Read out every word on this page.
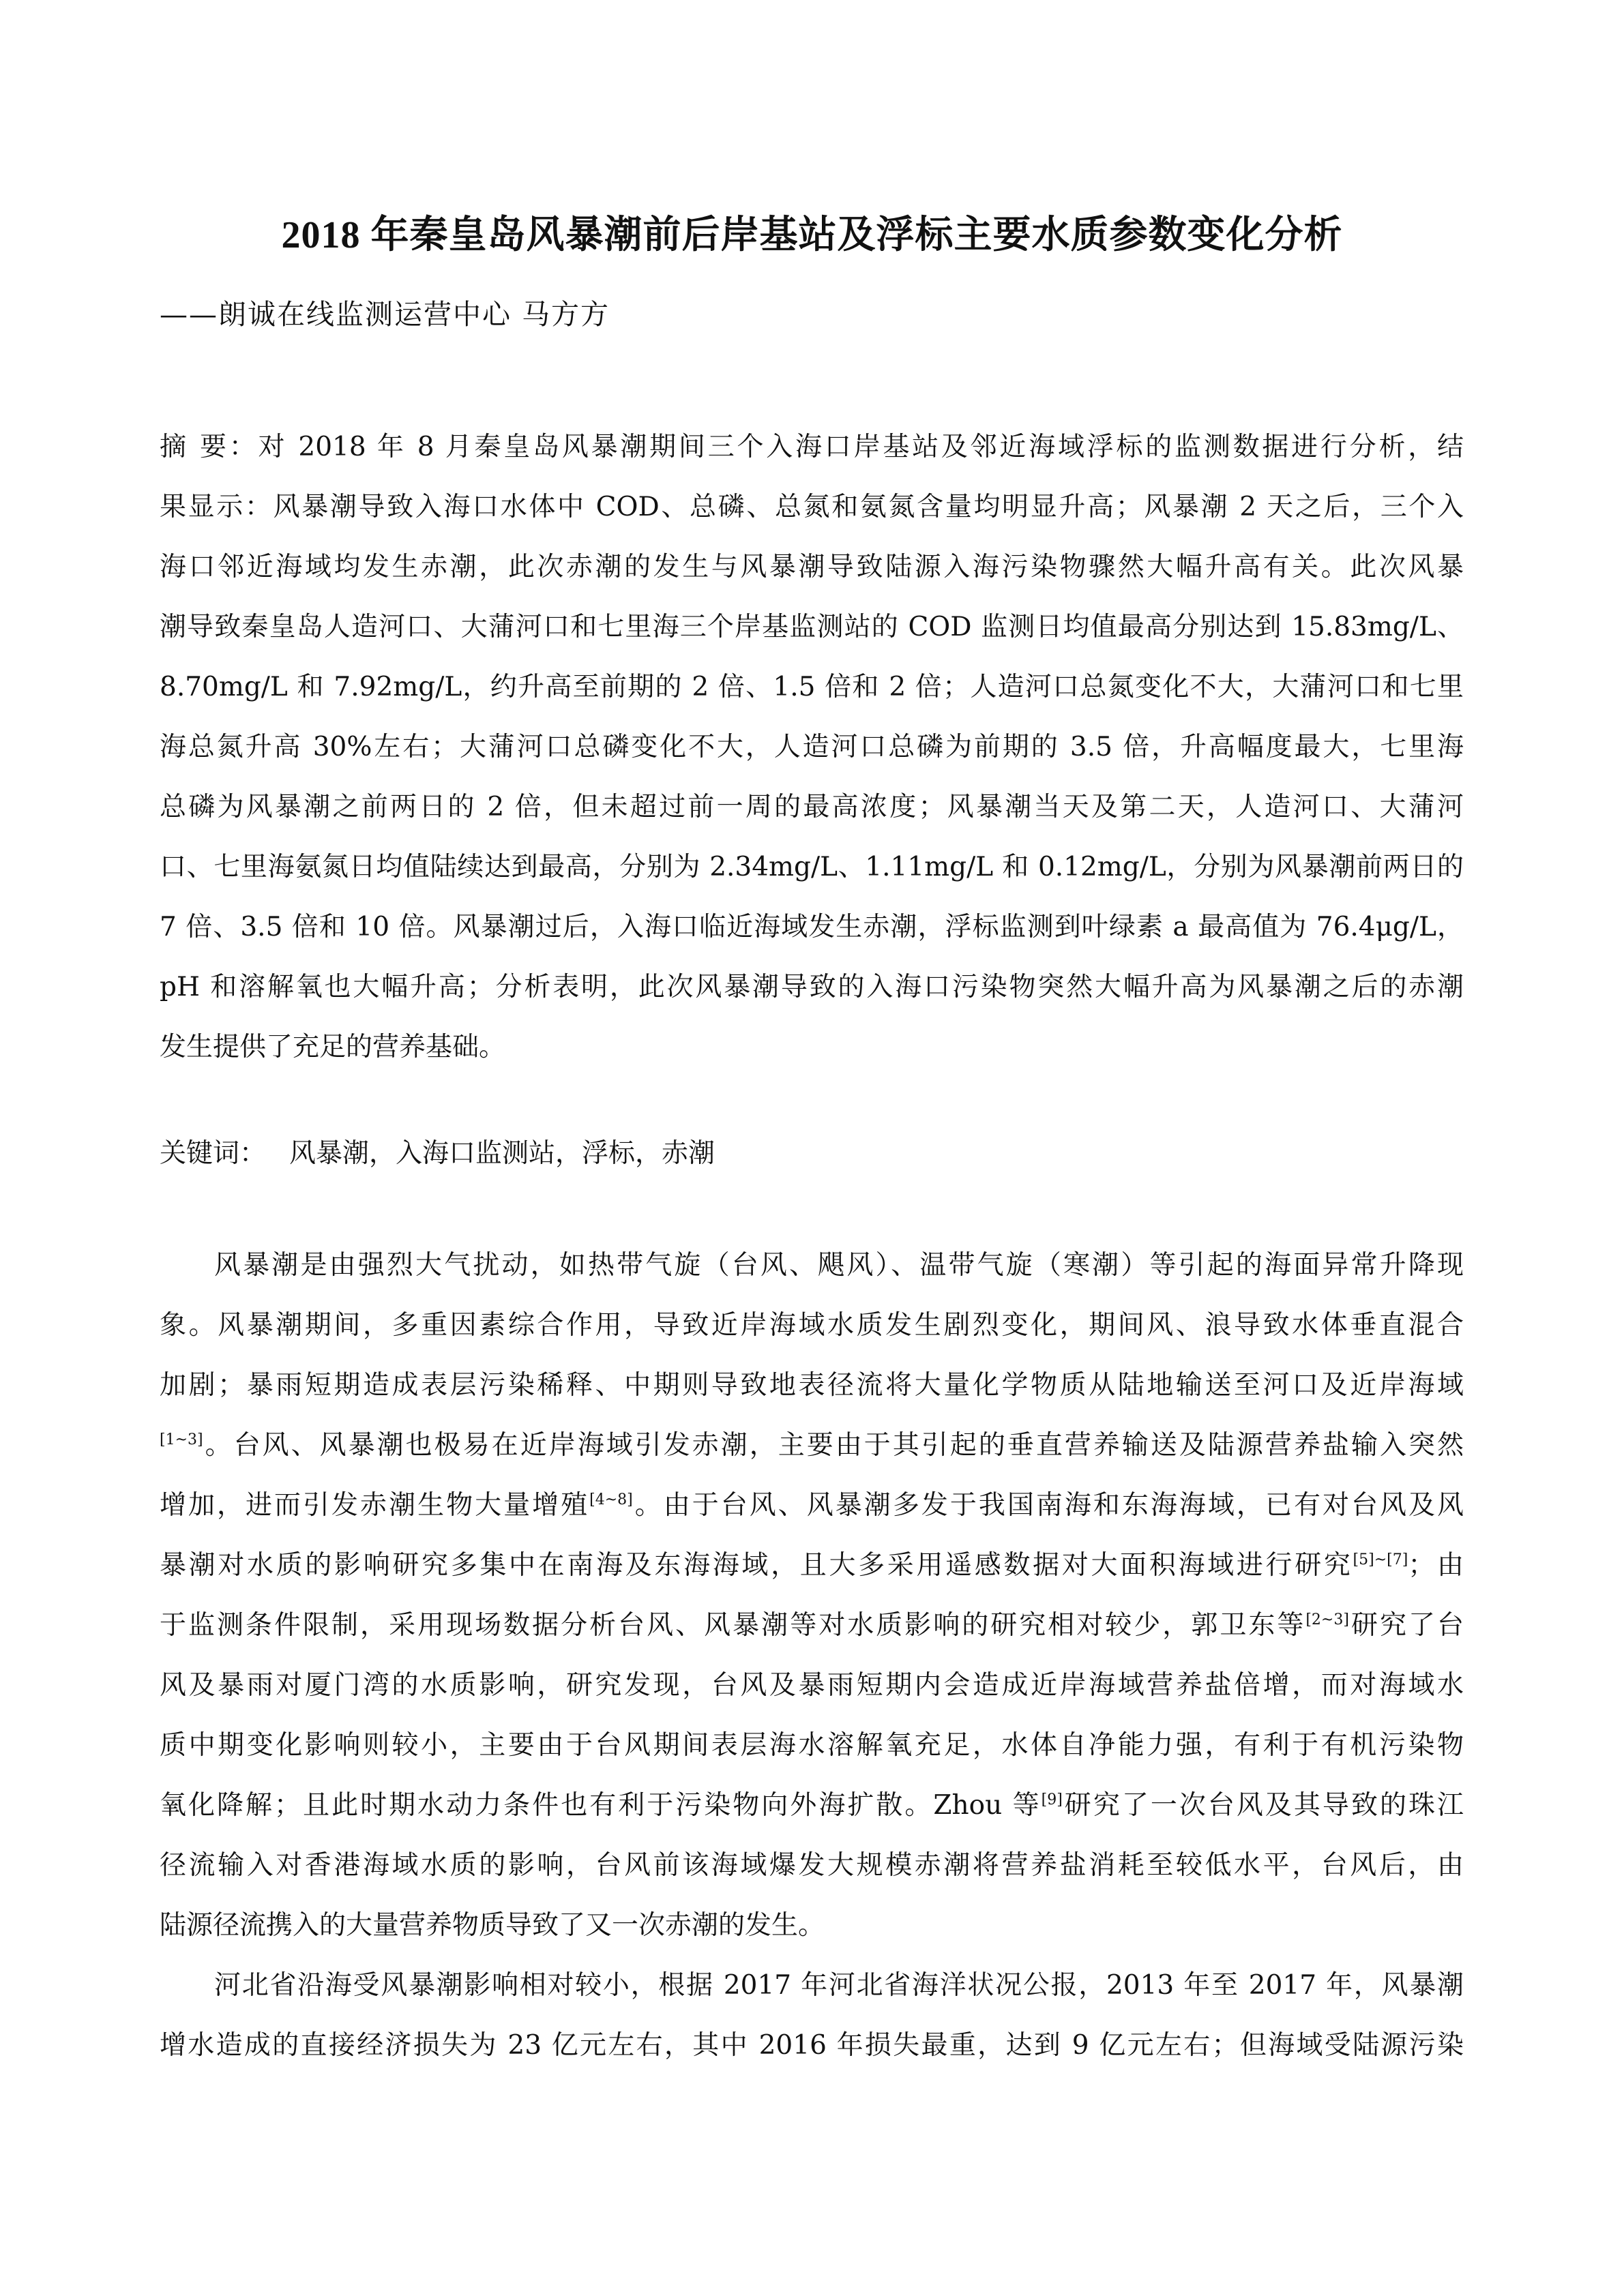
2018 年秦皇岛风暴潮前后岸基站及浮标主要水质参数变化分析
——朗诚在线监测运营中心 马方方

摘 要：对 2018 年 8 月秦皇岛风暴潮期间三个入海口岸基站及邻近海域浮标的监测数据进行分析，结
果显示：风暴潮导致入海口水体中 COD、总磷、总氮和氨氮含量均明显升高；风暴潮 2 天之后，三个入
海口邻近海域均发生赤潮，此次赤潮的发生与风暴潮导致陆源入海污染物骤然大幅升高有关。此次风暴
潮导致秦皇岛人造河口、大蒲河口和七里海三个岸基监测站的 COD 监测日均值最高分别达到 15.83mg/L、
8.70mg/L 和 7.92mg/L，约升高至前期的 2 倍、1.5 倍和 2 倍；人造河口总氮变化不大，大蒲河口和七里
海总氮升高 30%左右；大蒲河口总磷变化不大，人造河口总磷为前期的 3.5 倍，升高幅度最大，七里海
总磷为风暴潮之前两日的 2 倍，但未超过前一周的最高浓度；风暴潮当天及第二天，人造河口、大蒲河
口、七里海氨氮日均值陆续达到最高，分别为 2.34mg/L、1.11mg/L 和 0.12mg/L，分别为风暴潮前两日的
7 倍、3.5 倍和 10 倍。风暴潮过后，入海口临近海域发生赤潮，浮标监测到叶绿素 a 最高值为 76.4μg/L，
pH 和溶解氧也大幅升高；分析表明，此次风暴潮导致的入海口污染物突然大幅升高为风暴潮之后的赤潮
发生提供了充足的营养基础。

关键词： 风暴潮，入海口监测站，浮标，赤潮

风暴潮是由强烈大气扰动，如热带气旋（台风、飓风）、温带气旋（寒潮）等引起的海面异常升降现
象。风暴潮期间，多重因素综合作用，导致近岸海域水质发生剧烈变化，期间风、浪导致水体垂直混合
加剧；暴雨短期造成表层污染稀释、中期则导致地表径流将大量化学物质从陆地输送至河口及近岸海域
[1~3]。台风、风暴潮也极易在近岸海域引发赤潮，主要由于其引起的垂直营养输送及陆源营养盐输入突然
增加，进而引发赤潮生物大量增殖[4~8]。由于台风、风暴潮多发于我国南海和东海海域，已有对台风及风
暴潮对水质的影响研究多集中在南海及东海海域，且大多采用遥感数据对大面积海域进行研究[5]~[7]；由
于监测条件限制，采用现场数据分析台风、风暴潮等对水质影响的研究相对较少，郭卫东等[2~3]研究了台
风及暴雨对厦门湾的水质影响，研究发现，台风及暴雨短期内会造成近岸海域营养盐倍增，而对海域水
质中期变化影响则较小，主要由于台风期间表层海水溶解氧充足，水体自净能力强，有利于有机污染物
氧化降解；且此时期水动力条件也有利于污染物向外海扩散。Zhou 等[9]研究了一次台风及其导致的珠江
径流输入对香港海域水质的影响，台风前该海域爆发大规模赤潮将营养盐消耗至较低水平，台风后，由
陆源径流携入的大量营养物质导致了又一次赤潮的发生。

河北省沿海受风暴潮影响相对较小，根据 2017 年河北省海洋状况公报，2013 年至 2017 年，风暴潮
增水造成的直接经济损失为 23 亿元左右，其中 2016 年损失最重，达到 9 亿元左右；但海域受陆源污染
